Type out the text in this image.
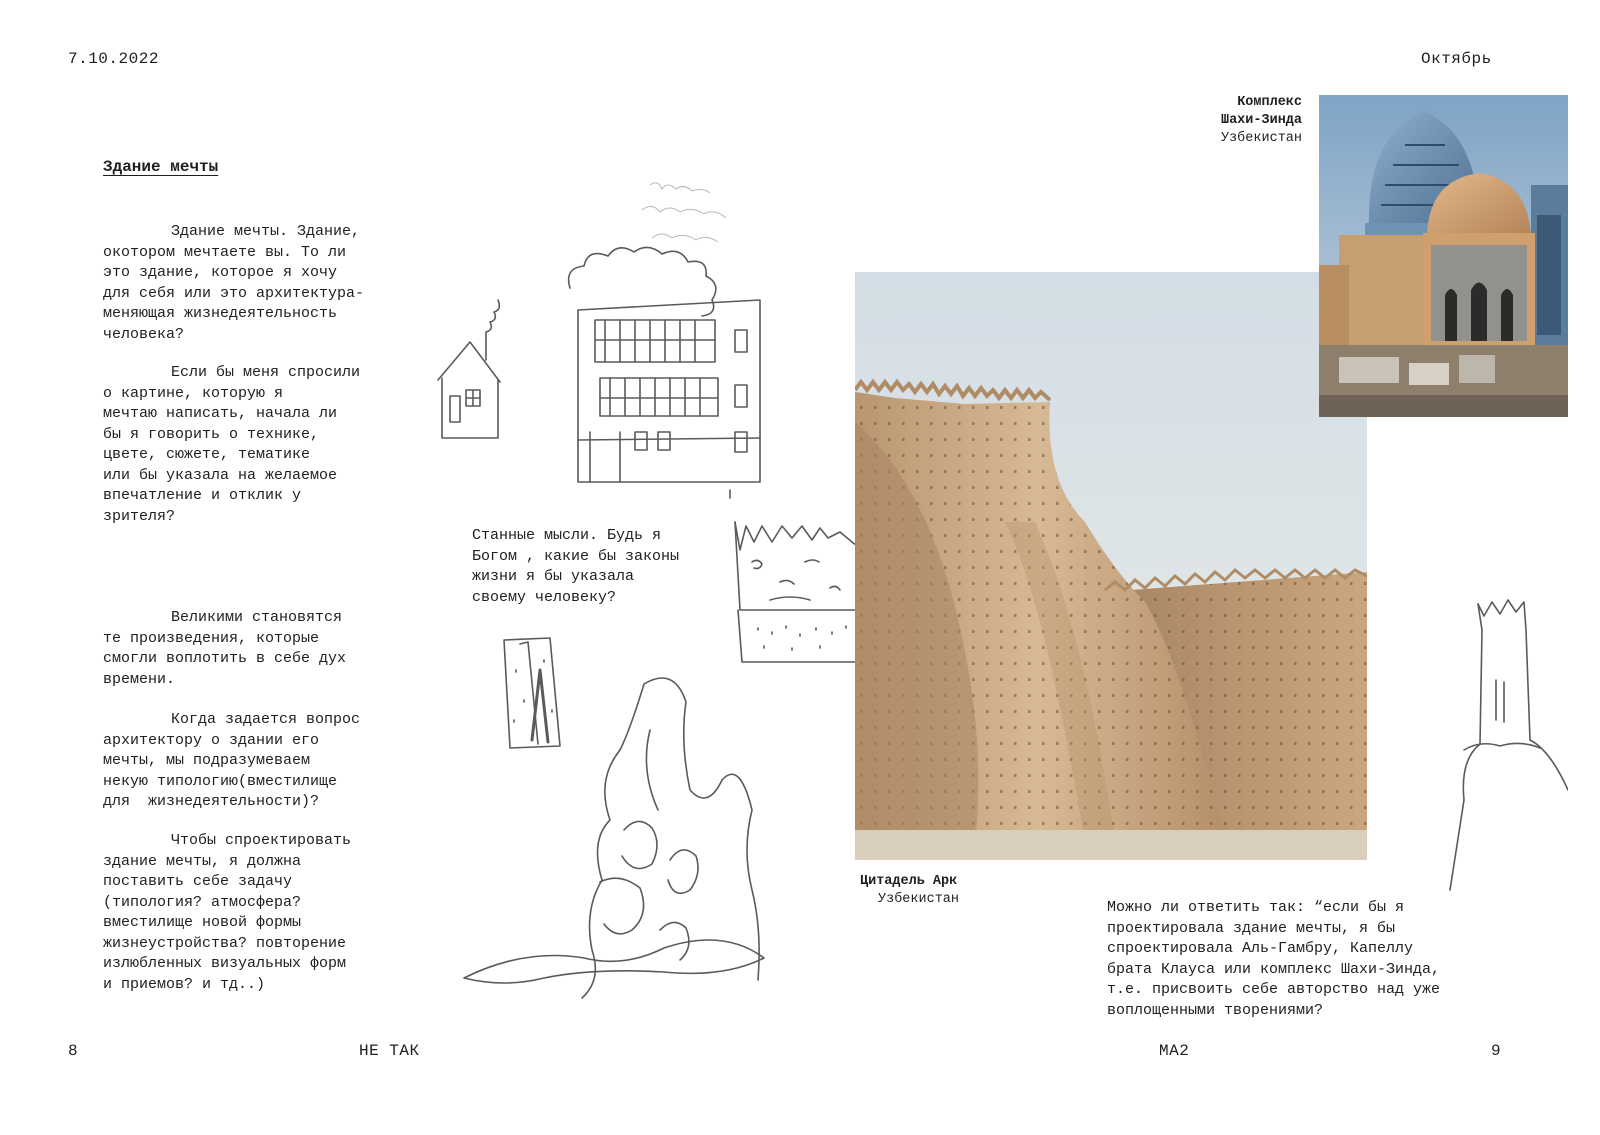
7.10.2022	Октябрь
Здание мечты

Здание мечты. Здание,
окотором мечтаете вы. То ли
это здание, которое я хочу
для себя или это архитектура-
меняющая жизнедеятельность
человека?

Если бы меня спросили
о картине, которую я
мечтаю написать, начала ли
бы я говорить о технике,
цвете, сюжете, тематике
или бы указала на желаемое
впечатление и отклик у
зрителя?

Великими становятся
те произведения, которые
смогли воплотить в себе дух
времени.

Когда задается вопрос
архитектору о здании его
мечты, мы подразумеваем
некую типологию(вместилище
для  жизнедеятельности)?

Чтобы спроектировать
здание мечты, я должна
поставить себе задачу
(типология? атмосфера?
вместилище новой формы
жизнеустройства? повторение
излюбленных визуальных форм
и приемов? и тд..)

Станные мысли. Будь я
Богом , какие бы законы
жизни я бы указала
своему человеку?

Комплекс
Шахи-Зинда
Узбекистан
Цитадель Арк
Узбекистан	Можно ли ответить так: “если бы я
проектировала здание мечты, я бы
спроектировала Аль-Гамбру, Капеллу
брата Клауса или комплекс Шахи-Зинда,
т.е. присвоить себе авторство над уже
воплощенными творениями?

8	НЕ ТАК	МА2	9
